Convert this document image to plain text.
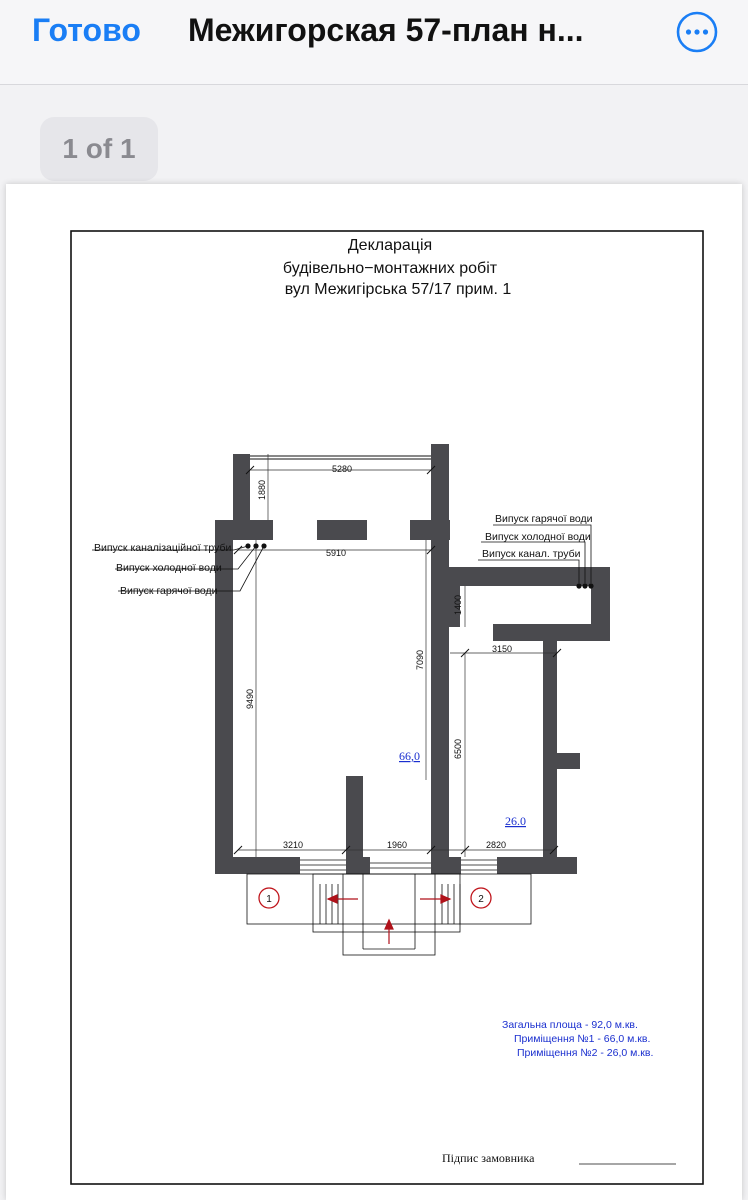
Готово Межигорская 57-план н...
1 of 1
Декларація
будівельно−монтажних робіт
вул Межигірська 57/17 прим. 1
5280
1880
5910
9490
7090
1400
3150
6500
3210	1960	2820
Випуск каналізаційної труби
Випуск холодної води
Випуск гарячої води
Випуск гарячої води
Випуск холодної води
Випуск канал. труби
66,0
26.0
1	2
Загальна площа - 92,0 м.кв.
Приміщення №1 - 66,0 м.кв.
Приміщення №2 - 26,0 м.кв.
Підпис замовника
